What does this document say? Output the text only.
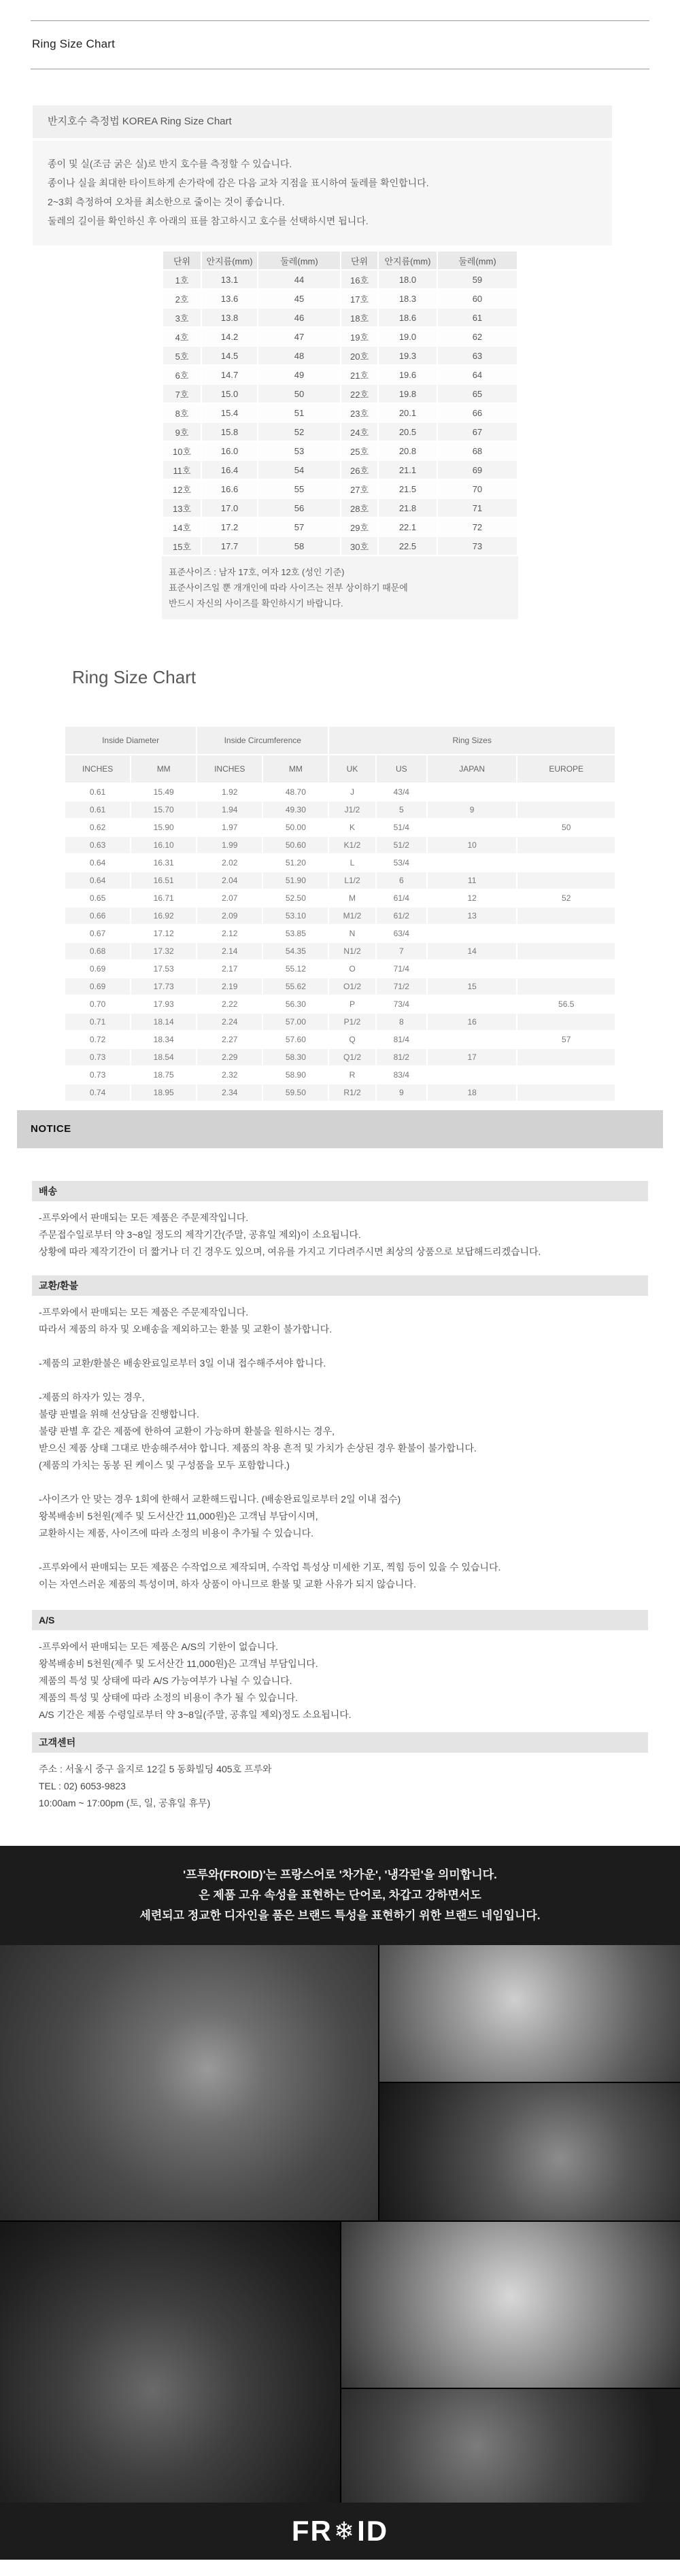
Ring Size Chart
반지호수 측정법 KOREA Ring Size Chart
종이 및 실(조금 굵은 실)로 반지 호수를 측정할 수 있습니다.
종이나 실을 최대한 타이트하게 손가락에 감은 다음 교차 지점을 표시하여 둘레를 확인합니다.
2~3회 측정하여 오차를 최소한으로 줄이는 것이 좋습니다.
둘레의 길이를 확인하신 후 아래의 표를 참고하시고 호수를 선택하시면 됩니다.
단위	안지름(mm)	둘레(mm)	단위	안지름(mm)	둘레(mm)
1호	13.1	44	16호	18.0	59
2호	13.6	45	17호	18.3	60
3호	13.8	46	18호	18.6	61
4호	14.2	47	19호	19.0	62
5호	14.5	48	20호	19.3	63
6호	14.7	49	21호	19.6	64
7호	15.0	50	22호	19.8	65
8호	15.4	51	23호	20.1	66
9호	15.8	52	24호	20.5	67
10호	16.0	53	25호	20.8	68
11호	16.4	54	26호	21.1	69
12호	16.6	55	27호	21.5	70
13호	17.0	56	28호	21.8	71
14호	17.2	57	29호	22.1	72
15호	17.7	58	30호	22.5	73
표준사이즈 : 남자 17호, 여자 12호 (성인 기준)
표준사이즈일 뿐 개개인에 따라 사이즈는 전부 상이하기 때문에
반드시 자신의 사이즈를 확인하시기 바랍니다.
Ring Size Chart
Inside Diameter		Inside Circumference		Ring Sizes			
INCHES	MM	INCHES	MM	UK	US	JAPAN	EUROPE
0.61	15.49	1.92	48.70	J	43/4		
0.61	15.70	1.94	49.30	J1/2	5	9	
0.62	15.90	1.97	50.00	K	51/4		50
0.63	16.10	1.99	50.60	K1/2	51/2	10	
0.64	16.31	2.02	51.20	L	53/4		
0.64	16.51	2.04	51.90	L1/2	6	11	
0.65	16.71	2.07	52.50	M	61/4	12	52
0.66	16.92	2.09	53.10	M1/2	61/2	13	
0.67	17.12	2.12	53.85	N	63/4		
0.68	17.32	2.14	54.35	N1/2	7	14	
0.69	17.53	2.17	55.12	O	71/4		
0.69	17.73	2.19	55.62	O1/2	71/2	15	
0.70	17.93	2.22	56.30	P	73/4		56.5
0.71	18.14	2.24	57.00	P1/2	8	16	
0.72	18.34	2.27	57.60	Q	81/4		57
0.73	18.54	2.29	58.30	Q1/2	81/2	17	
0.73	18.75	2.32	58.90	R	83/4		
0.74	18.95	2.34	59.50	R1/2	9	18	
NOTICE
배송
-프루와에서 판매되는 모든 제품은 주문제작입니다.
주문접수일로부터 약 3~8일 정도의 제작기간(주말, 공휴일 제외)이 소요됩니다.
상황에 따라 제작기간이 더 짧거나 더 긴 경우도 있으며, 여유를 가지고 기다려주시면 최상의 상품으로 보답해드리겠습니다.
교환/환불
-프루와에서 판매되는 모든 제품은 주문제작입니다.
따라서 제품의 하자 및 오배송을 제외하고는 환불 및 교환이 불가합니다.

-제품의 교환/환불은 배송완료일로부터 3일 이내 접수해주셔야 합니다.

-제품의 하자가 있는 경우,
불량 판별을 위해 선상담을 진행합니다.
불량 판별 후 같은 제품에 한하여 교환이 가능하며 환불을 원하시는 경우,
받으신 제품 상태 그대로 반송해주셔야 합니다. 제품의 착용 흔적 및 가치가 손상된 경우 환불이 불가합니다.
(제품의 가치는 동봉 된 케이스 및 구성품을 모두 포함합니다.)

-사이즈가 안 맞는 경우 1회에 한해서 교환해드립니다. (배송완료일로부터 2일 이내 접수)
왕복배송비 5천원(제주 및 도서산간 11,000원)은 고객님 부담이시며,
교환하시는 제품, 사이즈에 따라 소정의 비용이 추가될 수 있습니다.

-프루와에서 판매되는 모든 제품은 수작업으로 제작되며, 수작업 특성상 미세한 기포, 찍힘 등이 있을 수 있습니다.
이는 자연스러운 제품의 특성이며, 하자 상품이 아니므로 환불 및 교환 사유가 되지 않습니다.
A/S
-프루와에서 판매되는 모든 제품은 A/S의 기한이 없습니다.
왕복배송비 5천원(제주 및 도서산간 11,000원)은 고객님 부담입니다.
제품의 특성 및 상태에 따라 A/S 가능여부가 나뉠 수 있습니다.
제품의 특성 및 상태에 따라 소정의 비용이 추가 될 수 있습니다.
A/S 기간은 제품 수령일로부터 약 3~8일(주말, 공휴일 제외)정도 소요됩니다.
고객센터
주소 : 서울시 중구 을지로 12길 5 동화빌딩 405호 프루와
TEL : 02) 6053-9823
10:00am ~ 17:00pm (토, 일, 공휴일 휴무)
'프루와(FROID)'는 프랑스어로 '차가운', '냉각된'을 의미합니다.
은 제품 고유 속성을 표현하는 단어로, 차갑고 강하면서도
세련되고 정교한 디자인을 품은 브랜드 특성을 표현하기 위한 브랜드 네임입니다.
FR ❄ ID
